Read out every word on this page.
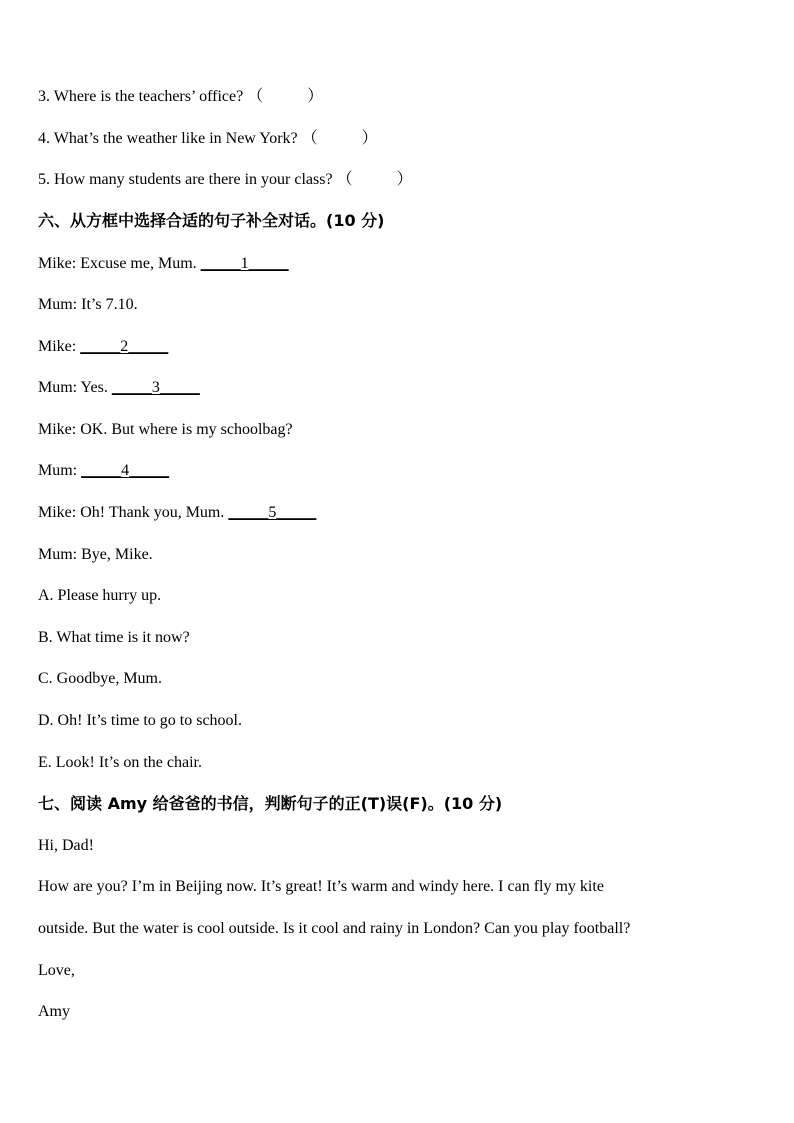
3. Where is the teachers’ office? （	）
4. What’s the weather like in New York? （	）
5. How many students are there in your class? （	）
六、从方框中选择合适的句子补全对话。(10 分)
Mike: Excuse me, Mum. _____1_____
Mum: It’s 7.10.
Mike: _____2_____
Mum: Yes. _____3_____
Mike: OK. But where is my schoolbag?
Mum: _____4_____
Mike: Oh! Thank you, Mum. _____5_____
Mum: Bye, Mike.
A. Please hurry up.
B. What time is it now?
C. Goodbye, Mum.
D. Oh! It’s time to go to school.
E. Look! It’s on the chair.
七、阅读 Amy 给爸爸的书信，判断句子的正(T)误(F)。(10 分)
Hi, Dad!
How are you? I’m in Beijing now. It’s great! It’s warm and windy here. I can fly my kite
outside. But the water is cool outside. Is it cool and rainy in London? Can you play football?
Love,
Amy
